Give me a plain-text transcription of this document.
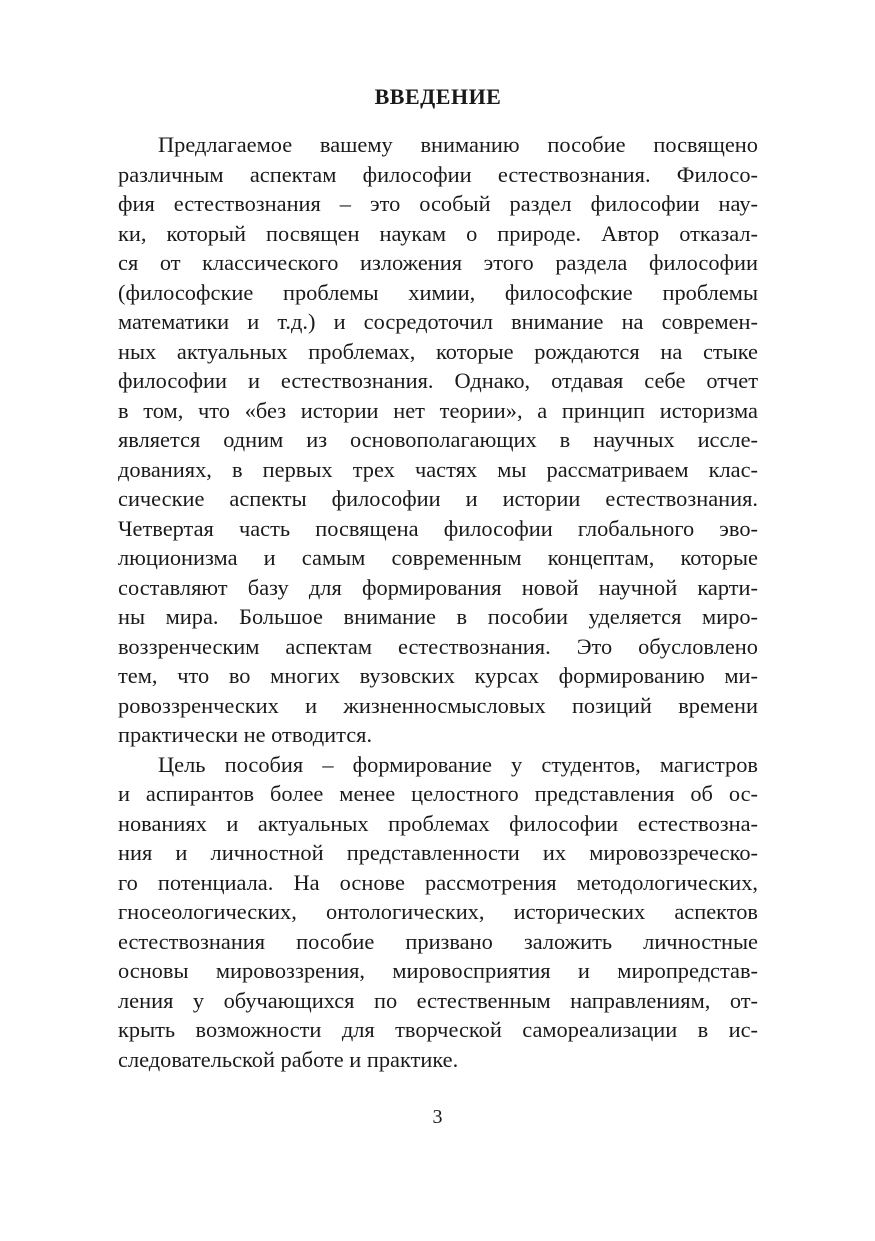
ВВЕДЕНИЕ

Предлагаемое вашему вниманию пособие посвящено
различным аспектам философии естествознания. Филосо-
фия естествознания – это особый раздел философии нау-
ки, который посвящен наукам о природе. Автор отказал-
ся от классического изложения этого раздела философии
(философские проблемы химии, философские проблемы
математики и т.д.) и сосредоточил внимание на современ-
ных актуальных проблемах, которые рождаются на стыке
философии и естествознания. Однако, отдавая себе отчет
в том, что «без истории нет теории», а принцип историзма
является одним из основополагающих в научных иссле-
дованиях, в первых трех частях мы рассматриваем клас-
сические аспекты философии и истории естествознания.
Четвертая часть посвящена философии глобального эво-
люционизма и самым современным концептам, которые
составляют базу для формирования новой научной карти-
ны мира. Большое внимание в пособии уделяется миро-
воззренческим аспектам естествознания. Это обусловлено
тем, что во многих вузовских курсах формированию ми-
ровоззренческих и жизненносмысловых позиций времени
практически не отводится.

Цель пособия – формирование у студентов, магистров
и аспирантов более менее целостного представления об ос-
нованиях и актуальных проблемах философии естествозна-
ния и личностной представленности их мировоззреческо-
го потенциала. На основе рассмотрения методологических,
гносеологических, онтологических, исторических аспектов
естествознания пособие призвано заложить личностные
основы мировоззрения, мировосприятия и миропредстав-
ления у обучающихся по естественным направлениям, от-
крыть возможности для творческой самореализации в ис-
следовательской работе и практике.

3
